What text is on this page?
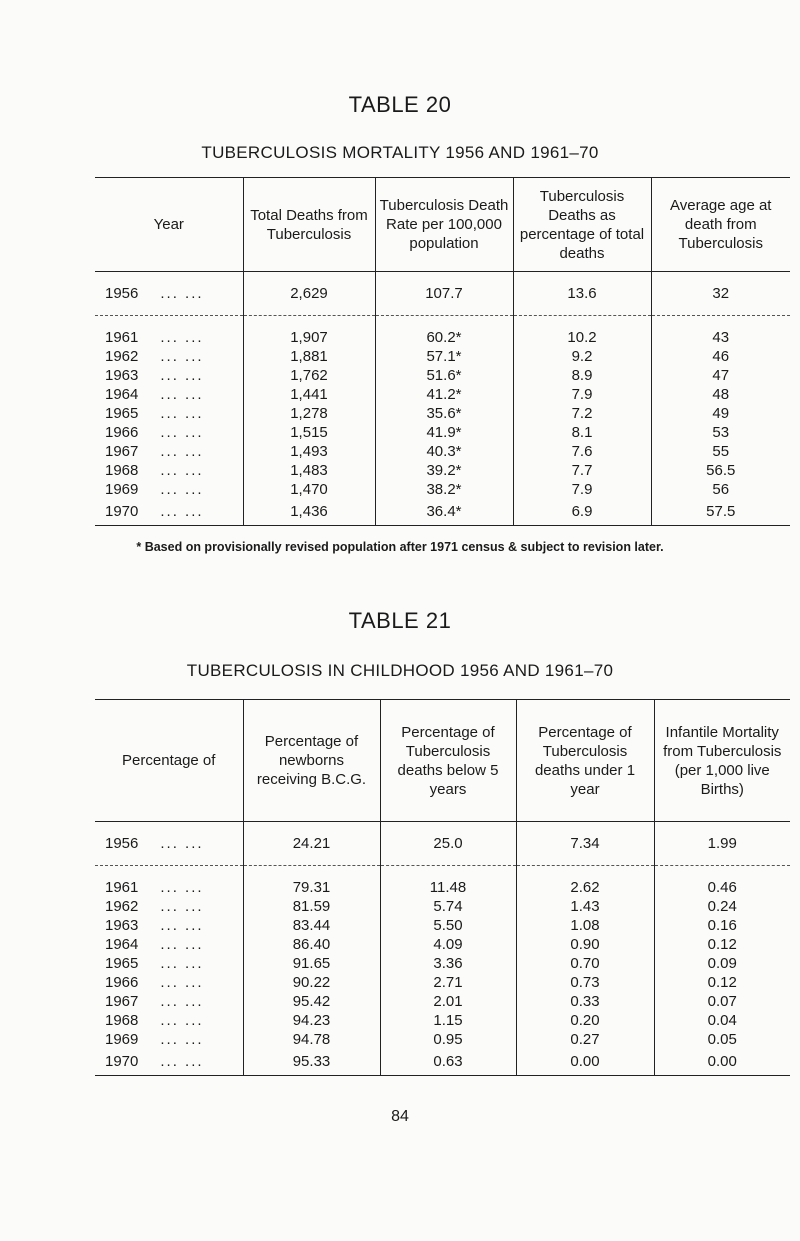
TABLE 20
TUBERCULOSIS MORTALITY 1956 AND 1961–70
Year	Total Deaths from Tuberculosis	Tuberculosis Death Rate per 100,000 population	Tuberculosis Deaths as percentage of total deaths	Average age at death from Tuberculosis
1956 ... ...	2,629	107.7	13.6	32

1961 ... ...	1,907	60.2*	10.2	43
1962 ... ...	1,881	57.1*	9.2	46
1963 ... ...	1,762	51.6*	8.9	47
1964 ... ...	1,441	41.2*	7.9	48
1965 ... ...	1,278	35.6*	7.2	49
1966 ... ...	1,515	41.9*	8.1	53
1967 ... ...	1,493	40.3*	7.6	55
1968 ... ...	1,483	39.2*	7.7	56.5
1969 ... ...	1,470	38.2*	7.9	56
1970 ... ...	1,436	36.4*	6.9	57.5
* Based on provisionally revised population after 1971 census & subject to revision later.
TABLE 21
TUBERCULOSIS IN CHILDHOOD 1956 AND 1961–70
Percentage of	Percentage of newborns receiving B.C.G.	Percentage of Tuberculosis deaths below 5 years	Percentage of Tuberculosis deaths under 1 year	Infantile Mortality from Tuberculosis (per 1,000 live Births)
1956 ... ...	24.21	25.0	7.34	1.99

1961 ... ...	79.31	11.48	2.62	0.46
1962 ... ...	81.59	5.74	1.43	0.24
1963 ... ...	83.44	5.50	1.08	0.16
1964 ... ...	86.40	4.09	0.90	0.12
1965 ... ...	91.65	3.36	0.70	0.09
1966 ... ...	90.22	2.71	0.73	0.12
1967 ... ...	95.42	2.01	0.33	0.07
1968 ... ...	94.23	1.15	0.20	0.04
1969 ... ...	94.78	0.95	0.27	0.05
1970 ... ...	95.33	0.63	0.00	0.00
84
